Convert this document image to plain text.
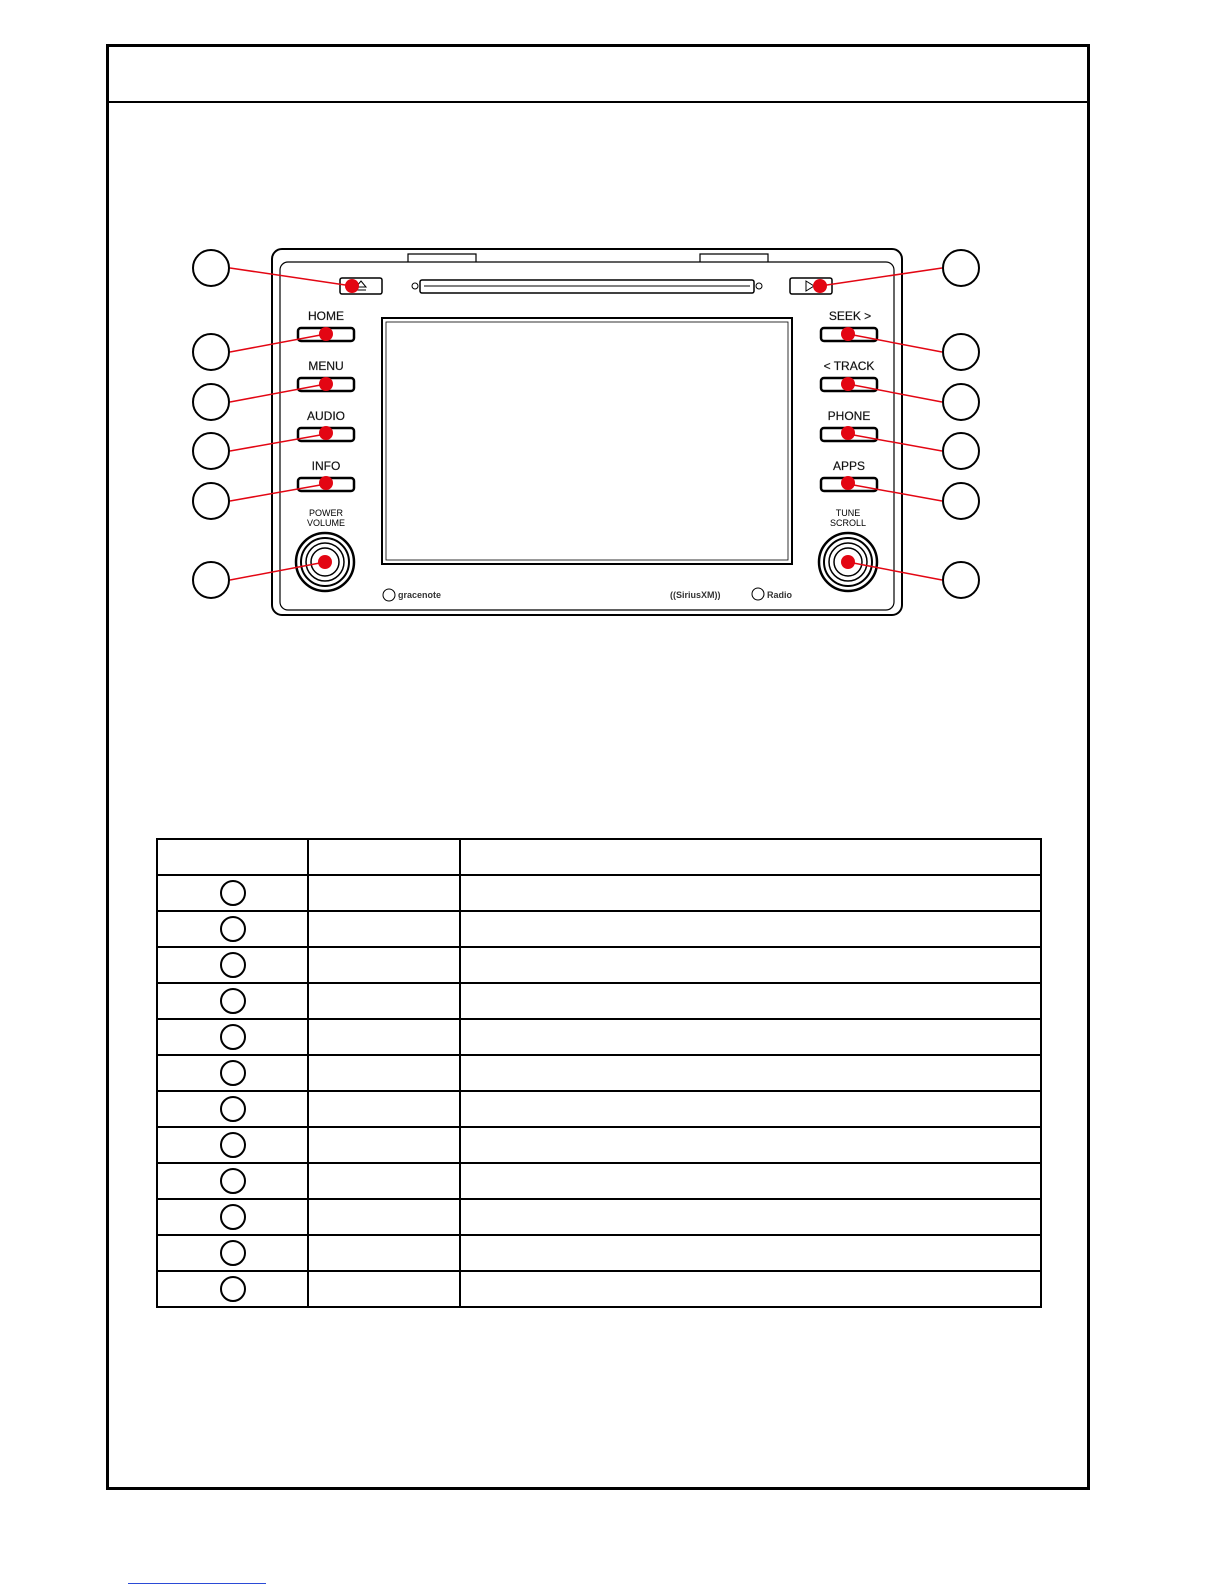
HOME
MENU
AUDIO
INFO
SEEK >
< TRACK
PHONE
APPS
POWER
VOLUME
TUNE
SCROLL
gracenote	((SiriusXM))	Radio
